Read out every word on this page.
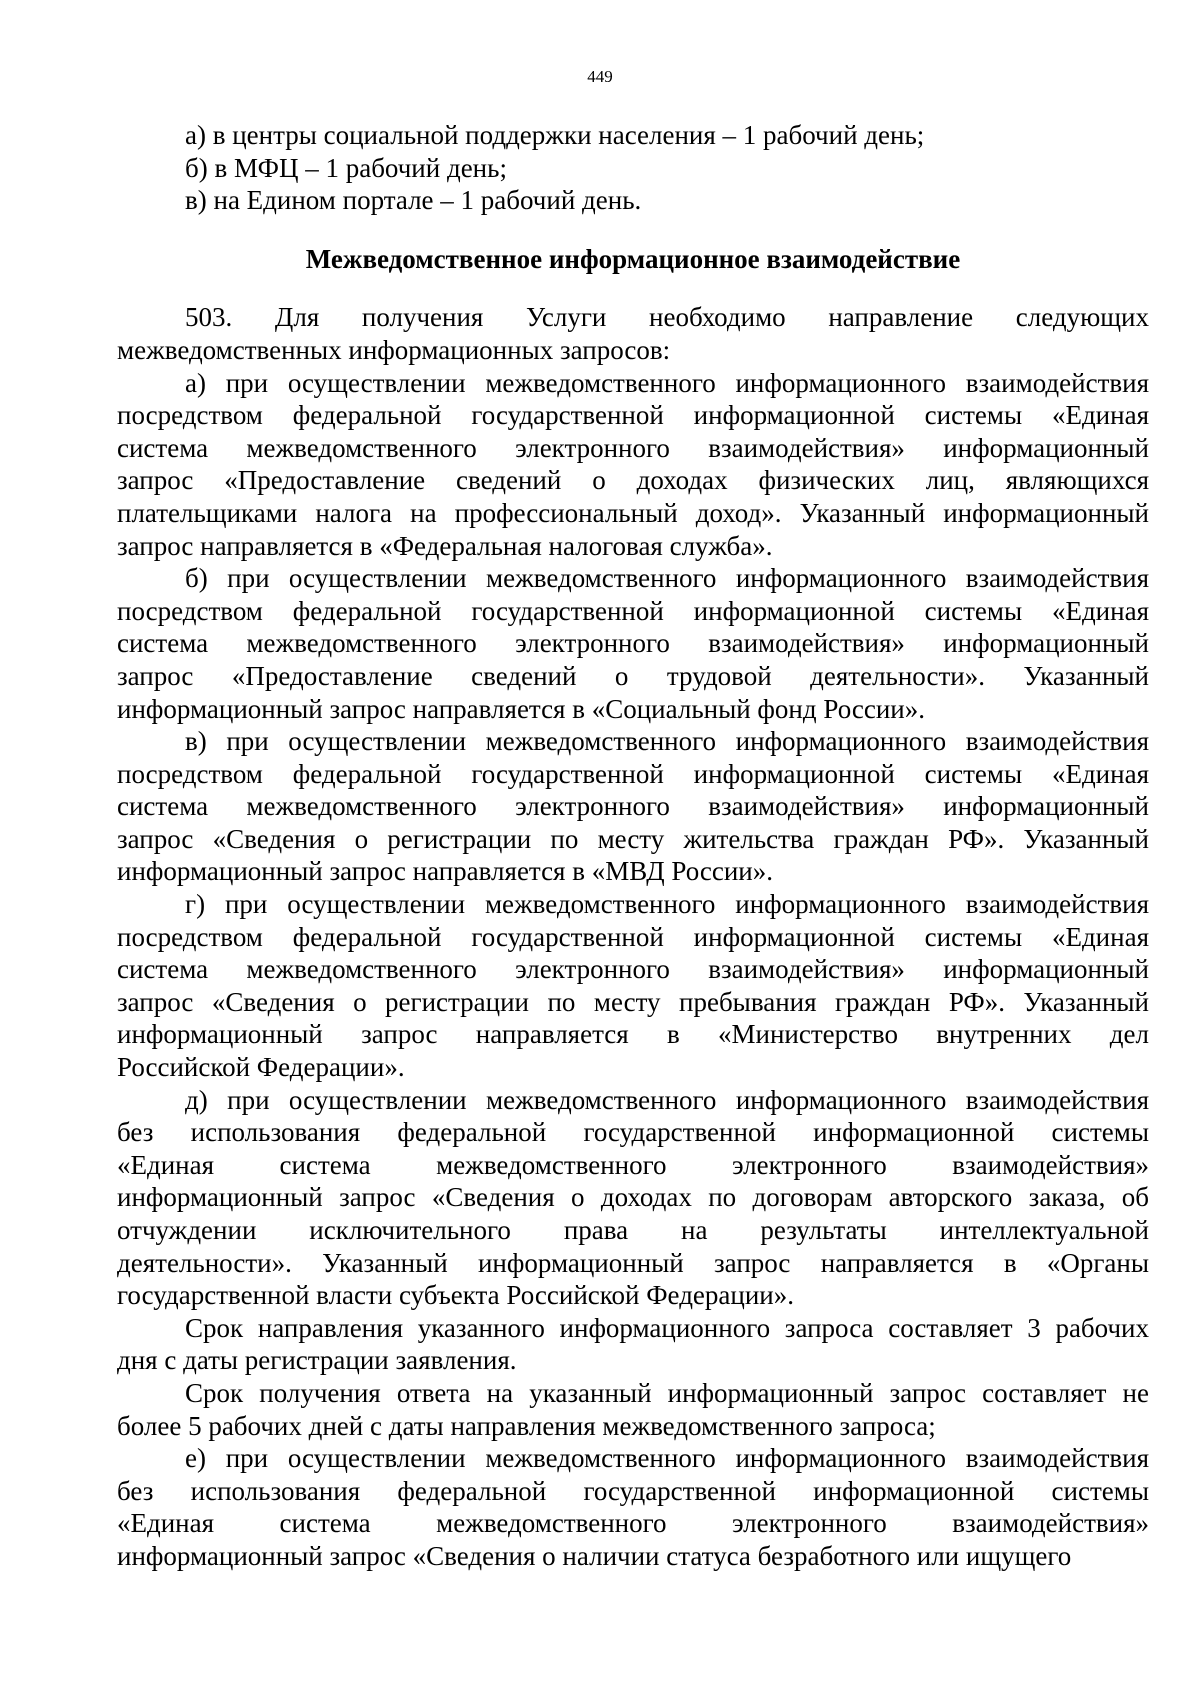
449
а) в центры социальной поддержки населения – 1 рабочий день;
б) в МФЦ – 1 рабочий день;
в) на Едином портале – 1 рабочий день.
Межведомственное информационное взаимодействие
503. Для получения Услуги необходимо направление следующих
межведомственных информационных запросов:
а) при осуществлении межведомственного информационного взаимодействия
посредством федеральной государственной информационной системы «Единая
система межведомственного электронного взаимодействия» информационный
запрос «Предоставление сведений о доходах физических лиц, являющихся
плательщиками налога на профессиональный доход». Указанный информационный
запрос направляется в «Федеральная налоговая служба».
б) при осуществлении межведомственного информационного взаимодействия
посредством федеральной государственной информационной системы «Единая
система межведомственного электронного взаимодействия» информационный
запрос «Предоставление сведений о трудовой деятельности». Указанный
информационный запрос направляется в «Социальный фонд России».
в) при осуществлении межведомственного информационного взаимодействия
посредством федеральной государственной информационной системы «Единая
система межведомственного электронного взаимодействия» информационный
запрос «Сведения о регистрации по месту жительства граждан РФ». Указанный
информационный запрос направляется в «МВД России».
г) при осуществлении межведомственного информационного взаимодействия
посредством федеральной государственной информационной системы «Единая
система межведомственного электронного взаимодействия» информационный
запрос «Сведения о регистрации по месту пребывания граждан РФ». Указанный
информационный запрос направляется в «Министерство внутренних дел
Российской Федерации».
д) при осуществлении межведомственного информационного взаимодействия
без использования федеральной государственной информационной системы
«Единая система межведомственного электронного взаимодействия»
информационный запрос «Сведения о доходах по договорам авторского заказа, об
отчуждении исключительного права на результаты интеллектуальной
деятельности». Указанный информационный запрос направляется в «Органы
государственной власти субъекта Российской Федерации».
Срок направления указанного информационного запроса составляет 3 рабочих
дня с даты регистрации заявления.
Срок получения ответа на указанный информационный запрос составляет не
более 5 рабочих дней с даты направления межведомственного запроса;
е) при осуществлении межведомственного информационного взаимодействия
без использования федеральной государственной информационной системы
«Единая система межведомственного электронного взаимодействия»
информационный запрос «Сведения о наличии статуса безработного или ищущего
